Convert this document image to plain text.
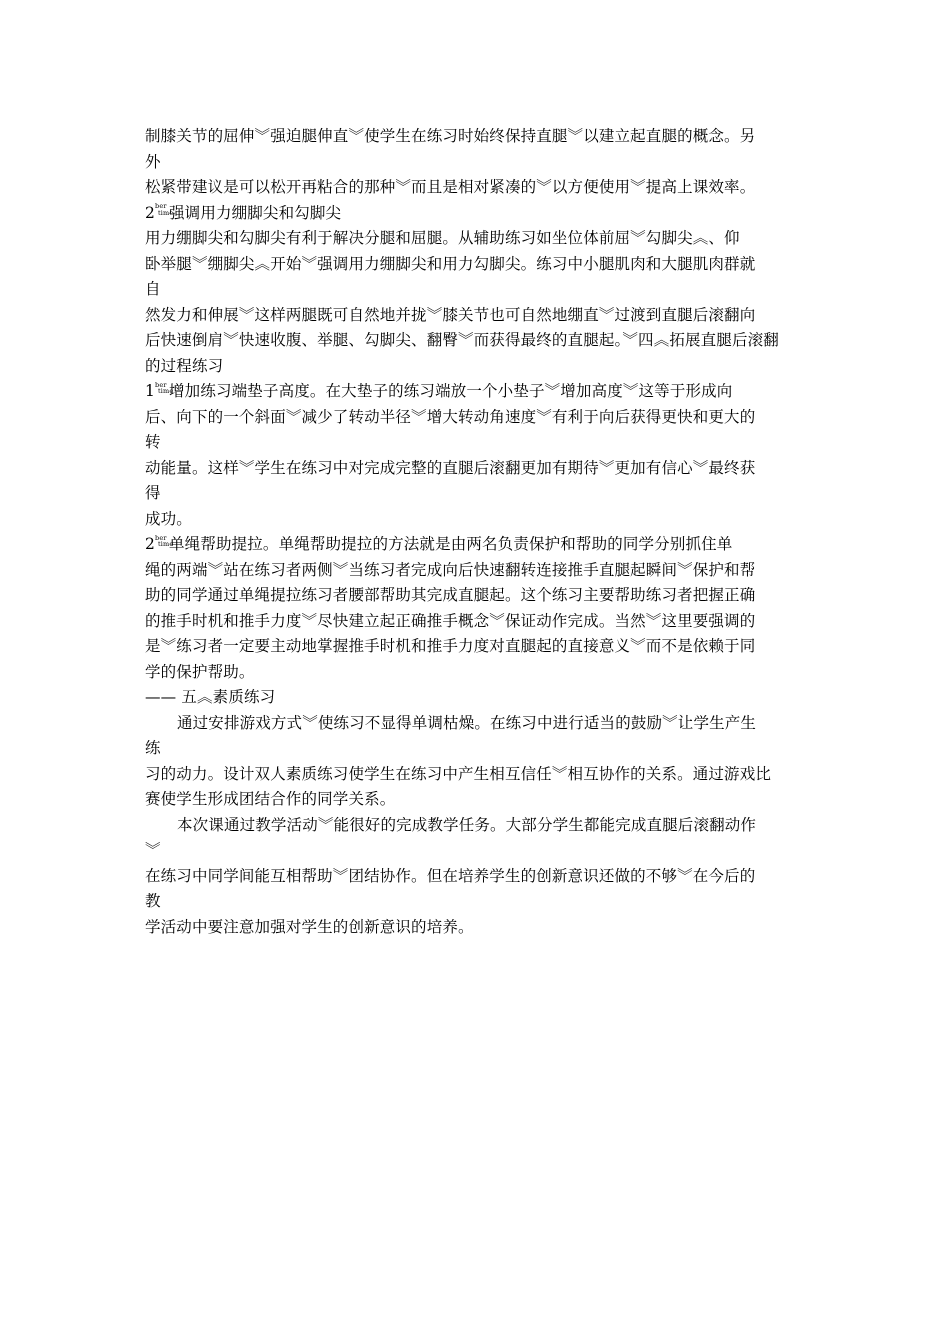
制膝关节的屈伸︾强迫腿伸直︾使学生在练习时始终保持直腿︾以建立起直腿的概念。另
外
松紧带建议是可以松开再粘合的那种︾而且是相对紧凑的︾以方便使用︾提高上课效率。
2 ber
time
强调用力绷脚尖和勾脚尖
用力绷脚尖和勾脚尖有利于解决分腿和屈腿。从辅助练习如坐位体前屈︾勾脚尖︽、仰
卧举腿︾绷脚尖︽开始︾强调用力绷脚尖和用力勾脚尖。练习中小腿肌肉和大腿肌肉群就
自
然发力和伸展︾这样两腿既可自然地并拢︾膝关节也可自然地绷直︾过渡到直腿后滚翻向
后快速倒肩︾快速收腹、举腿、勾脚尖、翻臀︾而获得最终的直腿起。︾四︽拓展直腿后滚翻
的过程练习
1 ber
time
增加练习端垫子高度。在大垫子的练习端放一个小垫子︾增加高度︾这等于形成向
后、向下的一个斜面︾减少了转动半径︾增大转动角速度︾有利于向后获得更快和更大的
转
动能量。这样︾学生在练习中对完成完整的直腿后滚翻更加有期待︾更加有信心︾最终获
得
成功。
2 ber
time
单绳帮助提拉。单绳帮助提拉的方法就是由两名负责保护和帮助的同学分别抓住单
绳的两端︾站在练习者两侧︾当练习者完成向后快速翻转连接推手直腿起瞬间︾保护和帮
助的同学通过单绳提拉练习者腰部帮助其完成直腿起。这个练习主要帮助练习者把握正确
的推手时机和推手力度︾尽快建立起正确推手概念︾保证动作完成。当然︾这里要强调的
是︾练习者一定要主动地掌握推手时机和推手力度对直腿起的直接意义︾而不是依赖于同
学的保护帮助。
—— 五︽素质练习
通过安排游戏方式︾使练习不显得单调枯燥。在练习中进行适当的鼓励︾让学生产生
练
习的动力。设计双人素质练习使学生在练习中产生相互信任︾相互协作的关系。通过游戏比
赛使学生形成团结合作的同学关系。
本次课通过教学活动︾能很好的完成教学任务。大部分学生都能完成直腿后滚翻动作
︾
在练习中同学间能互相帮助︾团结协作。但在培养学生的创新意识还做的不够︾在今后的
教
学活动中要注意加强对学生的创新意识的培养。
